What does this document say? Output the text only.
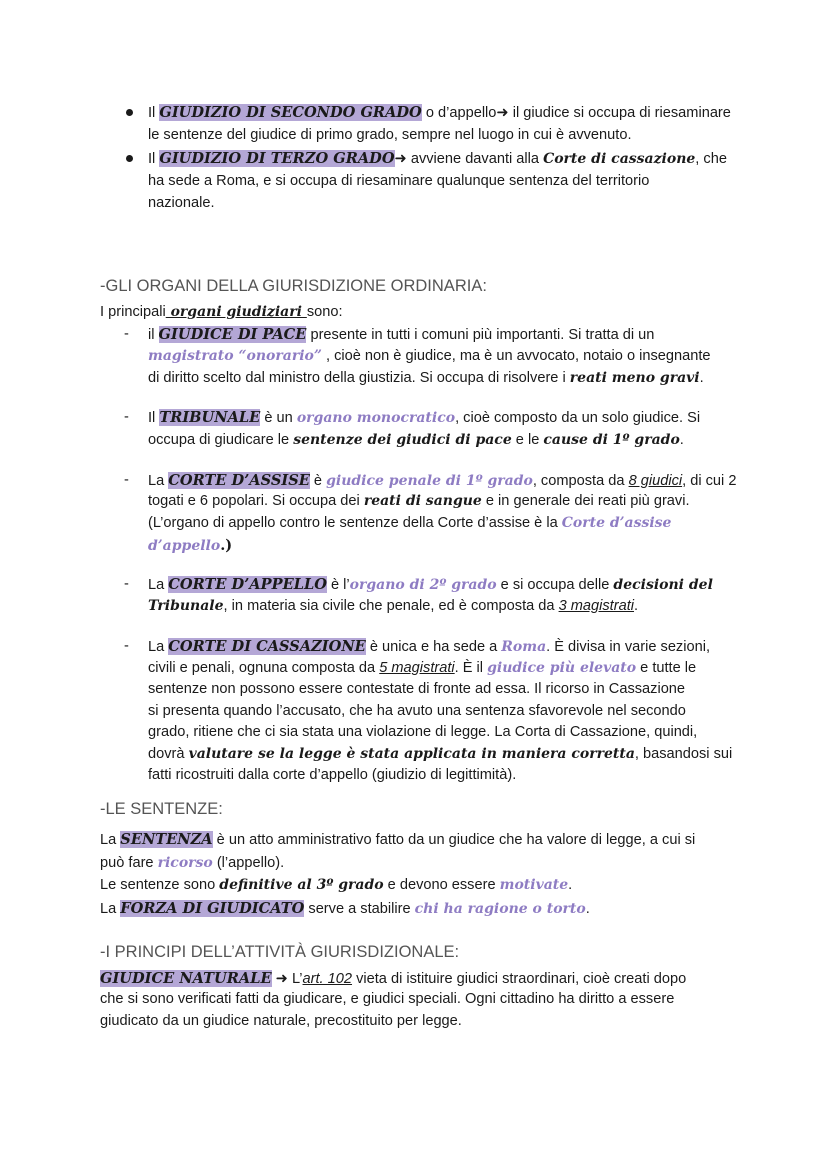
Il GIUDIZIO DI SECONDO GRADO o d’appello➜ il giudice si occupa di riesaminare
le sentenze del giudice di primo grado, sempre nel luogo in cui è avvenuto.
Il GIUDIZIO DI TERZO GRADO➜ avviene davanti alla Corte di cassazione, che
ha sede a Roma, e si occupa di riesaminare qualunque sentenza del territorio
nazionale.
-GLI ORGANI DELLA GIURISDIZIONE ORDINARIA:
I principali organi giudiziari sono:
- il GIUDICE DI PACE presente in tutti i comuni più importanti. Si tratta di un
magistrato “onorario” , cioè non è giudice, ma è un avvocato, notaio o insegnante
di diritto scelto dal ministro della giustizia. Si occupa di risolvere i reati meno gravi.
- Il TRIBUNALE è un organo monocratico, cioè composto da un solo giudice. Si
occupa di giudicare le sentenze dei giudici di pace e le cause di 1º grado.
- La CORTE D’ASSISE è giudice penale di 1º grado, composta da 8 giudici, di cui 2
togati e 6 popolari. Si occupa dei reati di sangue e in generale dei reati più gravi.
(L’organo di appello contro le sentenze della Corte d’assise è la Corte d’assise
d’appello.)
- La CORTE D’APPELLO è l’organo di 2º grado e si occupa delle decisioni del
Tribunale, in materia sia civile che penale, ed è composta da 3 magistrati.
- La CORTE DI CASSAZIONE è unica e ha sede a Roma. È divisa in varie sezioni,
civili e penali, ognuna composta da 5 magistrati. È il giudice più elevato e tutte le
sentenze non possono essere contestate di fronte ad essa. Il ricorso in Cassazione
si presenta quando l’accusato, che ha avuto una sentenza sfavorevole nel secondo
grado, ritiene che ci sia stata una violazione di legge. La Corta di Cassazione, quindi,
dovrà valutare se la legge è stata applicata in maniera corretta, basandosi sui
fatti ricostruiti dalla corte d’appello (giudizio di legittimità).
-LE SENTENZE:
La SENTENZA è un atto amministrativo fatto da un giudice che ha valore di legge, a cui si
può fare ricorso (l’appello).
Le sentenze sono definitive al 3º grado e devono essere motivate.
La FORZA DI GIUDICATO serve a stabilire chi ha ragione o torto.
-I PRINCIPI DELL’ATTIVITÀ GIURISDIZIONALE:
GIUDICE NATURALE ➜ L’art. 102 vieta di istituire giudici straordinari, cioè creati dopo
che si sono verificati fatti da giudicare, e giudici speciali. Ogni cittadino ha diritto a essere
giudicato da un giudice naturale, precostituito per legge.
